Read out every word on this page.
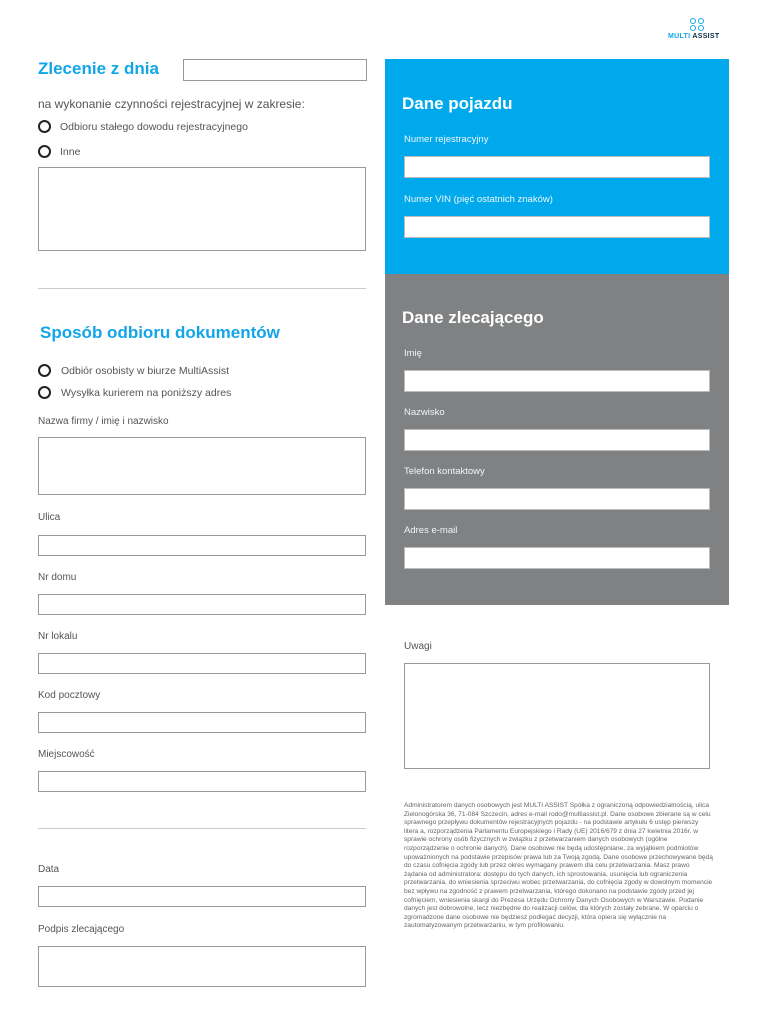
MULTI ASSIST
Zlecenie z dnia
na wykonanie czynności rejestracyjnej w zakresie:
Odbioru stałego dowodu rejestracyjnego
Inne
Sposób odbioru dokumentów
Odbiór osobisty w biurze MultiAssist
Wysyłka kurierem na poniższy adres
Nazwa firmy / imię i nazwisko
Ulica
Nr domu
Nr lokalu
Kod pocztowy
Miejscowość
Data
Podpis zlecającego
Dane pojazdu
Numer rejestracyjny
Numer VIN (pięć ostatnich znaków)
Dane zlecającego
Imię
Nazwisko
Telefon kontaktowy
Adres e-mail
Uwagi
Administratorem danych osobowych jest MULTI ASSIST Spółka z ograniczoną odpowiedzialnością, ulica Zielonogórska 36, 71-084 Szczecin, adres e-mail rodo@multiassist.pl. Dane osobowe zbierane są w celu sprawnego przepływu dokumentów rejestracyjnych pojazdu - na podstawie artykułu 6 ustęp pierwszy litera a, rozporządzenia Parlamentu Europejskiego i Rady (UE) 2016/679 z dnia 27 kwietnia 2016r. w sprawie ochrony osób fizycznych w związku z przetwarzaniem danych osobowych (ogólne rozporządzenie o ochronie danych). Dane osobowe nie będą udostępniane, za wyjątkiem podmiotów upoważnionych na podstawie przepisów prawa lub za Twoją zgodą. Dane osobowe przechowywane będą do czasu cofnięcia zgody lub przez okres wymagany prawem dla celu przetwarzania. Masz prawo żądania od administratora: dostępu do tych danych, ich sprostowania, usunięcia lub ograniczenia przetwarzania, do wniesienia sprzeciwu wobec przetwarzania, do cofnięcia zgody w dowolnym momencie bez wpływu na zgodność z prawem przetwarzania, którego dokonano na podstawie zgody przed jej cofnięciem, wniesienia skargi do Prezesa Urzędu Ochrony Danych Osobowych w Warszawie. Podanie danych jest dobrowolne, lecz niezbędne do realizacji celów, dla których zostały zebrane. W oparciu o zgromadzone dane osobowe nie będziesz podlegać decyzji, która opiera się wyłącznie na zautomatyzowanym przetwarzaniu, w tym profilowaniu.
